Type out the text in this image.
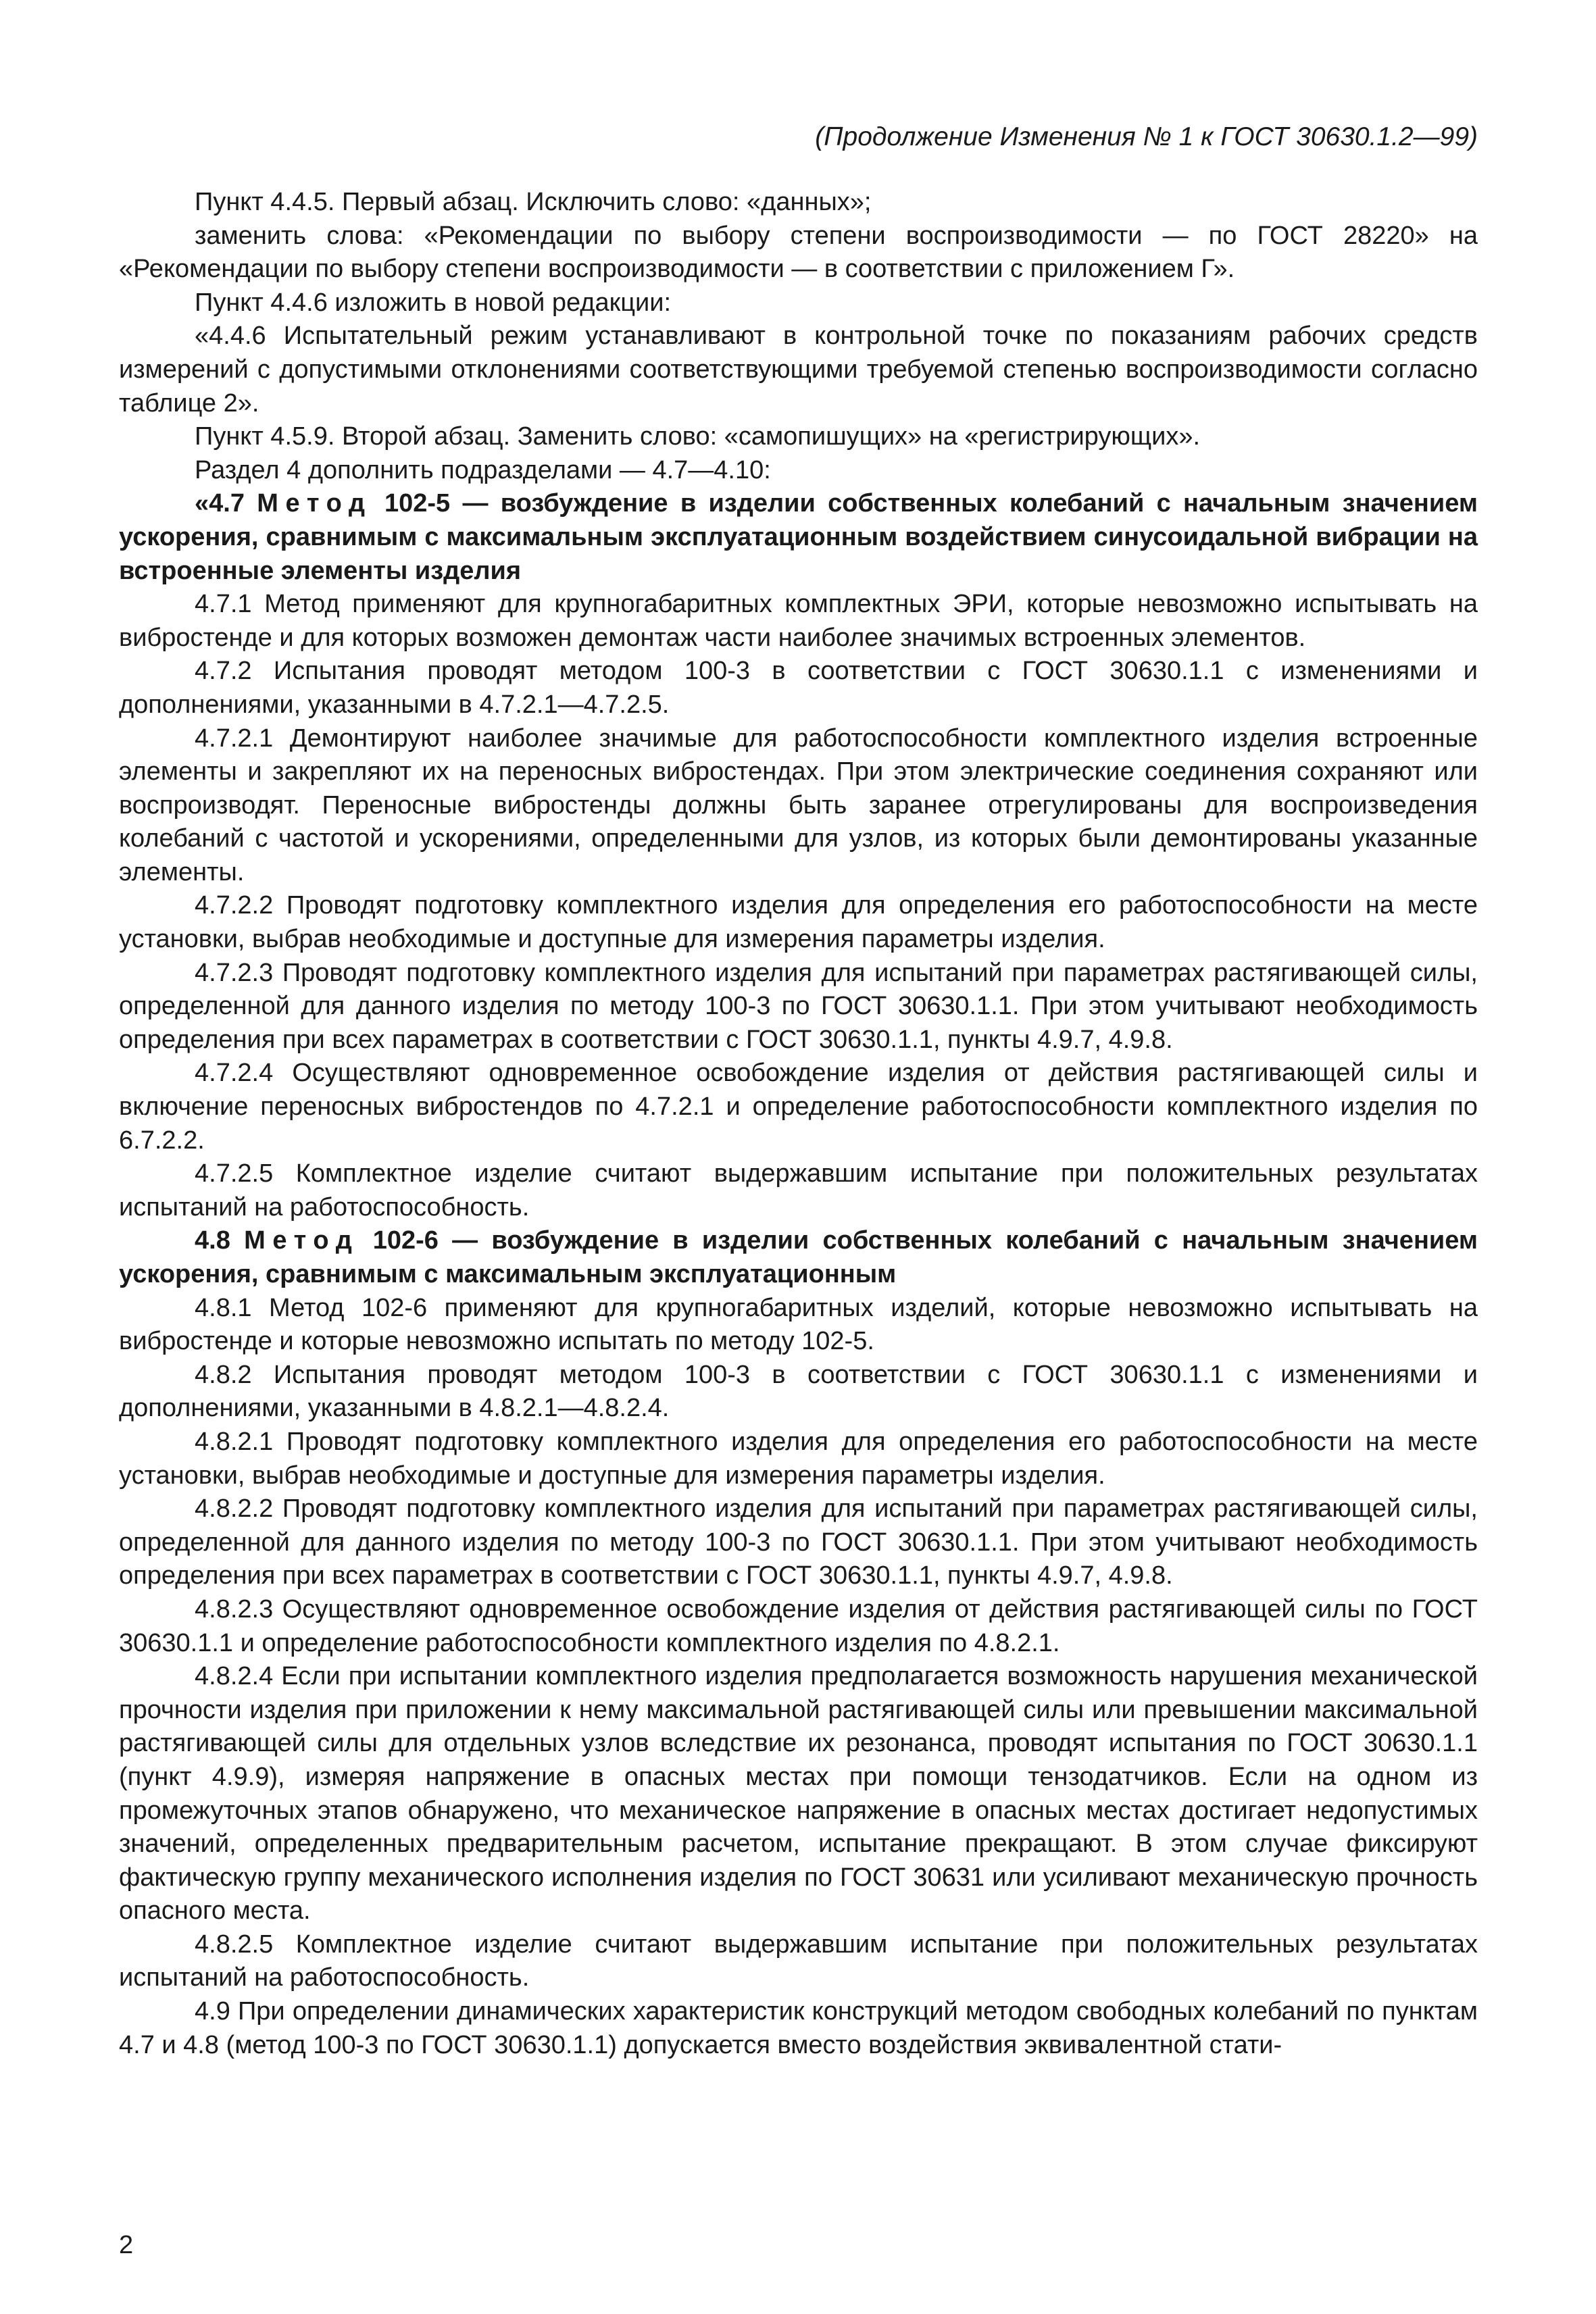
(Продолжение Изменения № 1 к ГОСТ 30630.1.2—99)

Пункт 4.4.5. Первый абзац. Исключить слово: «данных»;

заменить слова: «Рекомендации по выбору степени воспроизводимости — по ГОСТ 28220» на «Рекомендации по выбору степени воспроизводимости — в соответствии с приложением Г».

Пункт 4.4.6 изложить в новой редакции:

«4.4.6 Испытательный режим устанавливают в контрольной точке по показаниям рабочих средств измерений с допустимыми отклонениями соответствующими требуемой степенью воспроизводимости согласно таблице 2».

Пункт 4.5.9. Второй абзац. Заменить слово: «самопишущих» на «регистрирующих».

Раздел 4 дополнить подразделами — 4.7—4.10:

«4.7 Метод 102-5 — возбуждение в изделии собственных колебаний с начальным значением ускорения, сравнимым с максимальным эксплуатационным воздействием синусоидальной вибрации на встроенные элементы изделия

4.7.1 Метод применяют для крупногабаритных комплектных ЭРИ, которые невозможно испытывать на вибростенде и для которых возможен демонтаж части наиболее значимых встроенных элементов.

4.7.2 Испытания проводят методом 100-3 в соответствии с ГОСТ 30630.1.1 с изменениями и дополнениями, указанными в 4.7.2.1—4.7.2.5.

4.7.2.1 Демонтируют наиболее значимые для работоспособности комплектного изделия встроенные элементы и закрепляют их на переносных вибростендах. При этом электрические соединения сохраняют или воспроизводят. Переносные вибростенды должны быть заранее отрегулированы для воспроизведения колебаний с частотой и ускорениями, определенными для узлов, из которых были демонтированы указанные элементы.

4.7.2.2 Проводят подготовку комплектного изделия для определения его работоспособности на месте установки, выбрав необходимые и доступные для измерения параметры изделия.

4.7.2.3 Проводят подготовку комплектного изделия для испытаний при параметрах растягивающей силы, определенной для данного изделия по методу 100-3 по ГОСТ 30630.1.1. При этом учитывают необходимость определения при всех параметрах в соответствии с ГОСТ 30630.1.1, пункты 4.9.7, 4.9.8.

4.7.2.4 Осуществляют одновременное освобождение изделия от действия растягивающей силы и включение переносных вибростендов по 4.7.2.1 и определение работоспособности комплектного изделия по 6.7.2.2.

4.7.2.5 Комплектное изделие считают выдержавшим испытание при положительных результатах испытаний на работоспособность.

4.8 Метод 102-6 — возбуждение в изделии собственных колебаний с начальным значением ускорения, сравнимым с максимальным эксплуатационным

4.8.1 Метод 102-6 применяют для крупногабаритных изделий, которые невозможно испытывать на вибростенде и которые невозможно испытать по методу 102-5.

4.8.2 Испытания проводят методом 100-3 в соответствии с ГОСТ 30630.1.1 с изменениями и дополнениями, указанными в 4.8.2.1—4.8.2.4.

4.8.2.1 Проводят подготовку комплектного изделия для определения его работоспособности на месте установки, выбрав необходимые и доступные для измерения параметры изделия.

4.8.2.2 Проводят подготовку комплектного изделия для испытаний при параметрах растягивающей силы, определенной для данного изделия по методу 100-3 по ГОСТ 30630.1.1. При этом учитывают необходимость определения при всех параметрах в соответствии с ГОСТ 30630.1.1, пункты 4.9.7, 4.9.8.

4.8.2.3 Осуществляют одновременное освобождение изделия от действия растягивающей силы по ГОСТ 30630.1.1 и определение работоспособности комплектного изделия по 4.8.2.1.

4.8.2.4 Если при испытании комплектного изделия предполагается возможность нарушения механической прочности изделия при приложении к нему максимальной растягивающей силы или превышении максимальной растягивающей силы для отдельных узлов вследствие их резонанса, проводят испытания по ГОСТ 30630.1.1 (пункт 4.9.9), измеряя напряжение в опасных местах при помощи тензодатчиков. Если на одном из промежуточных этапов обнаружено, что механическое напряжение в опасных местах достигает недопустимых значений, определенных предварительным расчетом, испытание прекращают. В этом случае фиксируют фактическую группу механического исполнения изделия по ГОСТ 30631 или усиливают механическую прочность опасного места.

4.8.2.5 Комплектное изделие считают выдержавшим испытание при положительных результатах испытаний на работоспособность.

4.9 При определении динамических характеристик конструкций методом свободных колебаний по пунктам 4.7 и 4.8 (метод 100-3 по ГОСТ 30630.1.1) допускается вместо воздействия эквивалентной стати-

2
